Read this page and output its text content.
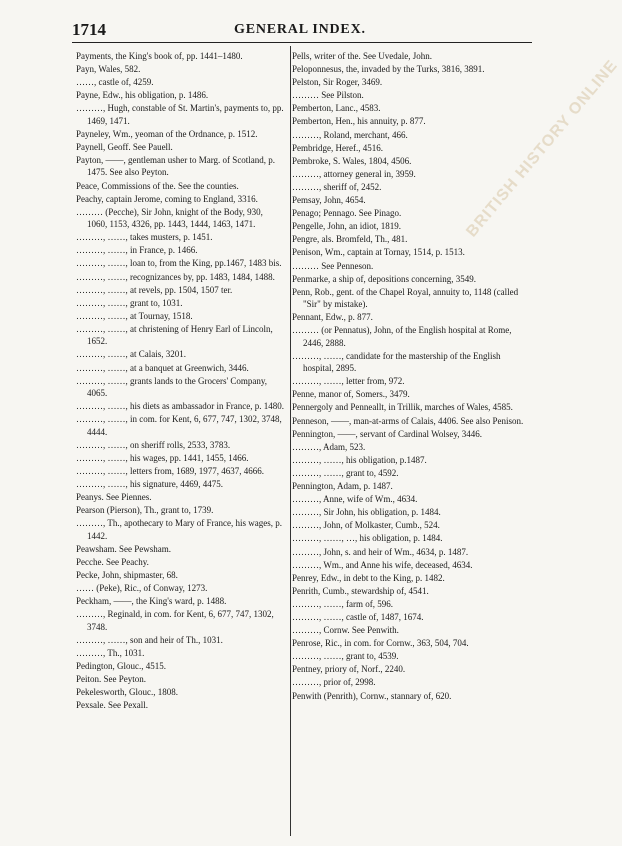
BRITISH HISTORY ONLINE
1714	GENERAL INDEX.
Payments, the King's book of, pp. 1441–1480.
Payn, Wales, 582.
……, castle of, 4259.
Payne, Edw., his obligation, p. 1486.
………, Hugh, constable of St. Martin's, payments to, pp. 1469, 1471.
Payneley, Wm., yeoman of the Ordnance, p. 1512.
Paynell, Geoff. See Pauell.
Payton, ——, gentleman usher to Marg. of Scotland, p. 1475. See also Peyton.
Peace, Commissions of the. See the counties.
Peachy, captain Jerome, coming to England, 3316.
……… (Pecche), Sir John, knight of the Body, 930, 1060, 1153, 4326, pp. 1443, 1444, 1463, 1471.
………, ……, takes musters, p. 1451.
………, ……, in France, p. 1466.
………, ……, loan to, from the King, pp.1467, 1483 bis.
………, ……, recognizances by, pp. 1483, 1484, 1488.
………, ……, at revels, pp. 1504, 1507 ter.
………, ……, grant to, 1031.
………, ……, at Tournay, 1518.
………, ……, at christening of Henry Earl of Lincoln, 1652.
………, ……, at Calais, 3201.
………, ……, at a banquet at Greenwich, 3446.
………, ……, grants lands to the Grocers' Company, 4065.
………, ……, his diets as ambassador in France, p. 1480.
………, ……, in com. for Kent, 6, 677, 747, 1302, 3748, 4444.
………, ……, on sheriff rolls, 2533, 3783.
………, ……, his wages, pp. 1441, 1455, 1466.
………, ……, letters from, 1689, 1977, 4637, 4666.
………, ……, his signature, 4469, 4475.
Peanys. See Piennes.
Pearson (Pierson), Th., grant to, 1739.
………, Th., apothecary to Mary of France, his wages, p. 1442.
Peawsham. See Pewsham.
Pecche. See Peachy.
Pecke, John, shipmaster, 68.
…… (Peke), Ric., of Conway, 1273.
Peckham, ——, the King's ward, p. 1488.
………, Reginald, in com. for Kent, 6, 677, 747, 1302, 3748.
………, ……, son and heir of Th., 1031.
………, Th., 1031.
Pedington, Glouc., 4515.
Peiton. See Peyton.
Pekelesworth, Glouc., 1808.
Pexsale. See Pexall.
Pells, writer of the. See Uvedale, John.
Peloponnesus, the, invaded by the Turks, 3816, 3891.
Pelston, Sir Roger, 3469.
……… See Pilston.
Pemberton, Lanc., 4583.
Pemberton, Hen., his annuity, p. 877.
………, Roland, merchant, 466.
Pembridge, Heref., 4516.
Pembroke, S. Wales, 1804, 4506.
………, attorney general in, 3959.
………, sheriff of, 2452.
Pemsay, John, 4654.
Penago; Pennago. See Pinago.
Pengelle, John, an idiot, 1819.
Pengre, als. Bromfeld, Th., 481.
Penison, Wm., captain at Tornay, 1514, p. 1513.
……… See Penneson.
Penmarke, a ship of, depositions concerning, 3549.
Penn, Rob., gent. of the Chapel Royal, annuity to, 1148 (called "Sir" by mistake).
Pennant, Edw., p. 877.
……… (or Pennatus), John, of the English hospital at Rome, 2446, 2888.
………, ……, candidate for the mastership of the English hospital, 2895.
………, ……, letter from, 972.
Penne, manor of, Somers., 3479.
Pennergoly and Penneallt, in Trillik, marches of Wales, 4585.
Penneson, ——, man-at-arms of Calais, 4406. See also Penison.
Pennington, ——, servant of Cardinal Wolsey, 3446.
………, Adam, 523.
………, ……, his obligation, p.1487.
………, ……, grant to, 4592.
Pennington, Adam, p. 1487.
………, Anne, wife of Wm., 4634.
………, Sir John, his obligation, p. 1484.
………, John, of Molkaster, Cumb., 524.
………, ……, …, his obligation, p. 1484.
………, John, s. and heir of Wm., 4634, p. 1487.
………, Wm., and Anne his wife, deceased, 4634.
Penrey, Edw., in debt to the King, p. 1482.
Penrith, Cumb., stewardship of, 4541.
………, ……, farm of, 596.
………, ……, castle of, 1487, 1674.
………, Cornw. See Penwith.
Penrose, Ric., in com. for Cornw., 363, 504, 704.
………, ……, grant to, 4539.
Pentney, priory of, Norf., 2240.
………, prior of, 2998.
Penwith (Penrith), Cornw., stannary of, 620.
